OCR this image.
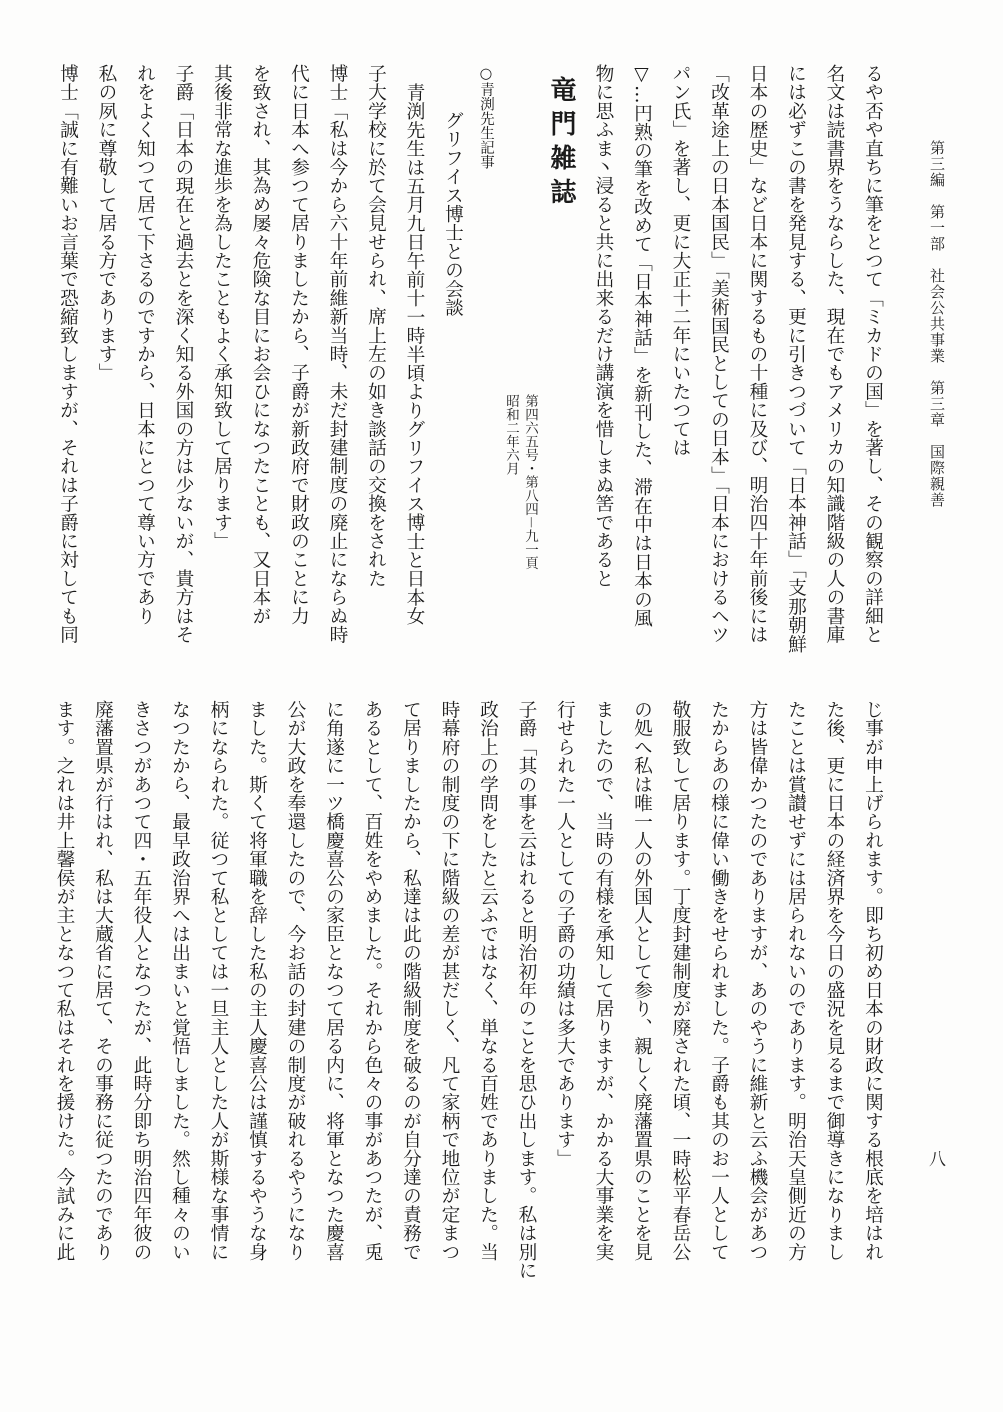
第三編　第一部　社会公共事業　第三章　国際親善
八
るや否や直ちに筆をとつて「ミカドの国」を著し、その観察の詳細と
名文は読書界をうならした、現在でもアメリカの知識階級の人の書庫
には必ずこの書を発見する、更に引きつづいて「日本神話」「支那朝鮮
日本の歴史」など日本に関するもの十種に及び、明治四十年前後には
「改革途上の日本国民」「美術国民としての日本」「日本におけるヘツ
パン氏」を著し、更に大正十二年にいたつては
▽…円熟の筆を改めて「日本神話」を新刊した、滞在中は日本の風
物に思ふま丶浸ると共に出来るだけ講演を惜しまぬ筈であると
竜門雑誌
第四六五号・第八四－九一頁
昭和二年六月
○青渕先生記事
グリフイス博士との会談
青渕先生は五月九日午前十一時半頃よりグリフイス博士と日本女
子大学校に於て会見せられ、席上左の如き談話の交換をされた
博士「私は今から六十年前維新当時、未だ封建制度の廃止にならぬ時
代に日本へ参つて居りましたから、子爵が新政府で財政のことに力
を致され、其為め屡々危険な目にお会ひになつたことも、又日本が
其後非常な進歩を為したこともよく承知致して居ります」
子爵「日本の現在と過去とを深く知る外国の方は少ないが、貴方はそ
れをよく知つて居て下さるのですから、日本にとつて尊い方であり
私の夙に尊敬して居る方であります」
博士「誠に有難いお言葉で恐縮致しますが、それは子爵に対しても同
じ事が申上げられます。即ち初め日本の財政に関する根底を培はれ
た後、更に日本の経済界を今日の盛況を見るまで御導きになりまし
たことは賞讃せずには居られないのであります。明治天皇側近の方
方は皆偉かつたのでありますが、あのやうに維新と云ふ機会があつ
たからあの様に偉い働きをせられました。子爵も其のお一人として
敬服致して居ります。丁度封建制度が廃された頃、一時松平春岳公
の処へ私は唯一人の外国人として参り、親しく廃藩置県のことを見
ましたので、当時の有様を承知して居りますが、かかる大事業を実
行せられた一人としての子爵の功績は多大であります」
子爵「其の事を云はれると明治初年のことを思ひ出します。私は別に
政治上の学問をしたと云ふではなく、単なる百姓でありました。当
時幕府の制度の下に階級の差が甚だしく、凡て家柄で地位が定まつ
て居りましたから、私達は此の階級制度を破るのが自分達の責務で
あるとして、百姓をやめました。それから色々の事があつたが、兎
に角遂に一ツ橋慶喜公の家臣となつて居る内に、将軍となつた慶喜
公が大政を奉還したので、今お話の封建の制度が破れるやうになり
ました。斯くて将軍職を辞した私の主人慶喜公は謹慎するやうな身
柄になられた。従つて私としては一旦主人とした人が斯様な事情に
なつたから、最早政治界へは出まいと覚悟しました。然し種々のい
きさつがあつて四・五年役人となつたが、此時分即ち明治四年彼の
廃藩置県が行はれ、私は大蔵省に居て、その事務に従つたのであり
ます。之れは井上馨侯が主となつて私はそれを援けた。今試みに此
